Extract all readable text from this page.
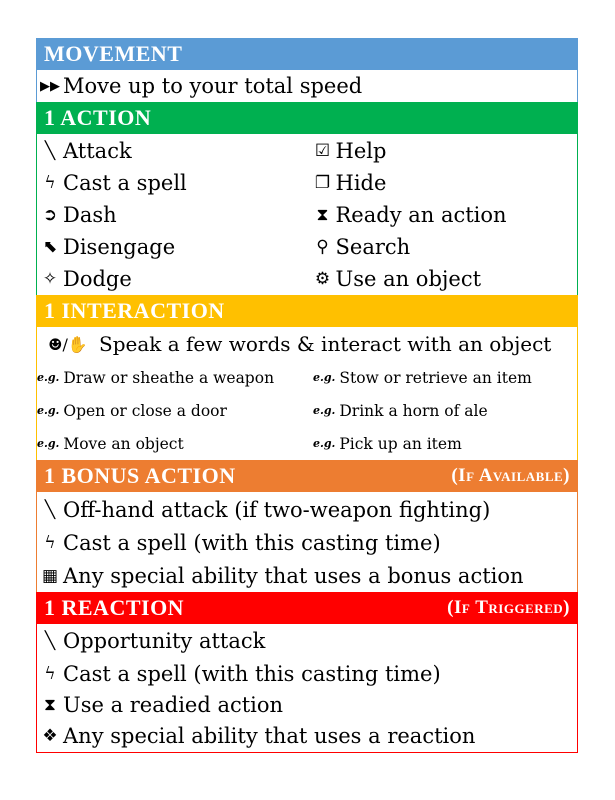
MOVEMENT
▶▶ Move up to your total speed
1 ACTION
╲ Attack
ϟ Cast a spell
➲ Dash
⬉ Disengage
✧ Dodge
☑ Help
❐ Hide
⧗ Ready an action
⚲ Search
⚙ Use an object
1 INTERACTION
☻/✋ Speak a few words & interact with an object
e.g. Draw or sheathe a weapon
e.g. Open or close a door
e.g. Move an object
e.g. Stow or retrieve an item
e.g. Drink a horn of ale
e.g. Pick up an item
1 BONUS ACTION	(If Available)
╲ Off-hand attack (if two-weapon fighting)
ϟ Cast a spell (with this casting time)
▦ Any special ability that uses a bonus action
1 REACTION	(If Triggered)
╲ Opportunity attack
ϟ Cast a spell (with this casting time)
⧗ Use a readied action
❖ Any special ability that uses a reaction
